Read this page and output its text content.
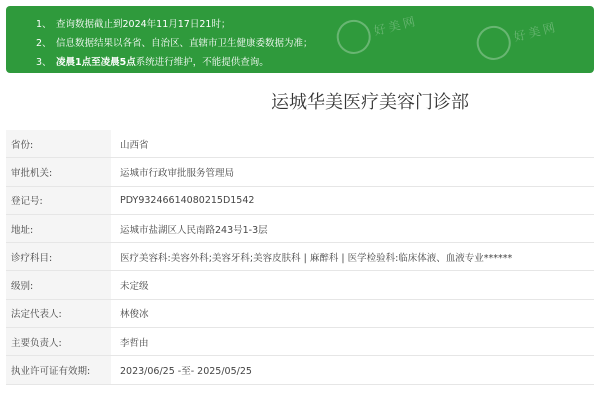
1、 查询数据截止到2024年11月17日21时；
2、 信息数据结果以各省、自治区、直辖市卫生健康委数据为准；
3、 凌晨1点至凌晨5点系统进行维护，不能提供查询。
好美网	好美网
运城华美医疗美容门诊部
省份:	山西省
审批机关:	运城市行政审批服务管理局
登记号:	PDY93246614080215D1542
地址:	运城市盐湖区人民南路243号1-3层
诊疗科目:	医疗美容科:美容外科;美容牙科;美容皮肤科 | 麻醉科 | 医学检验科:临床体液、血液专业******
级别:	未定级
法定代表人:	林俊冰
主要负责人:	李哲由
执业许可证有效期:	2023/06/25 -至- 2025/05/25
